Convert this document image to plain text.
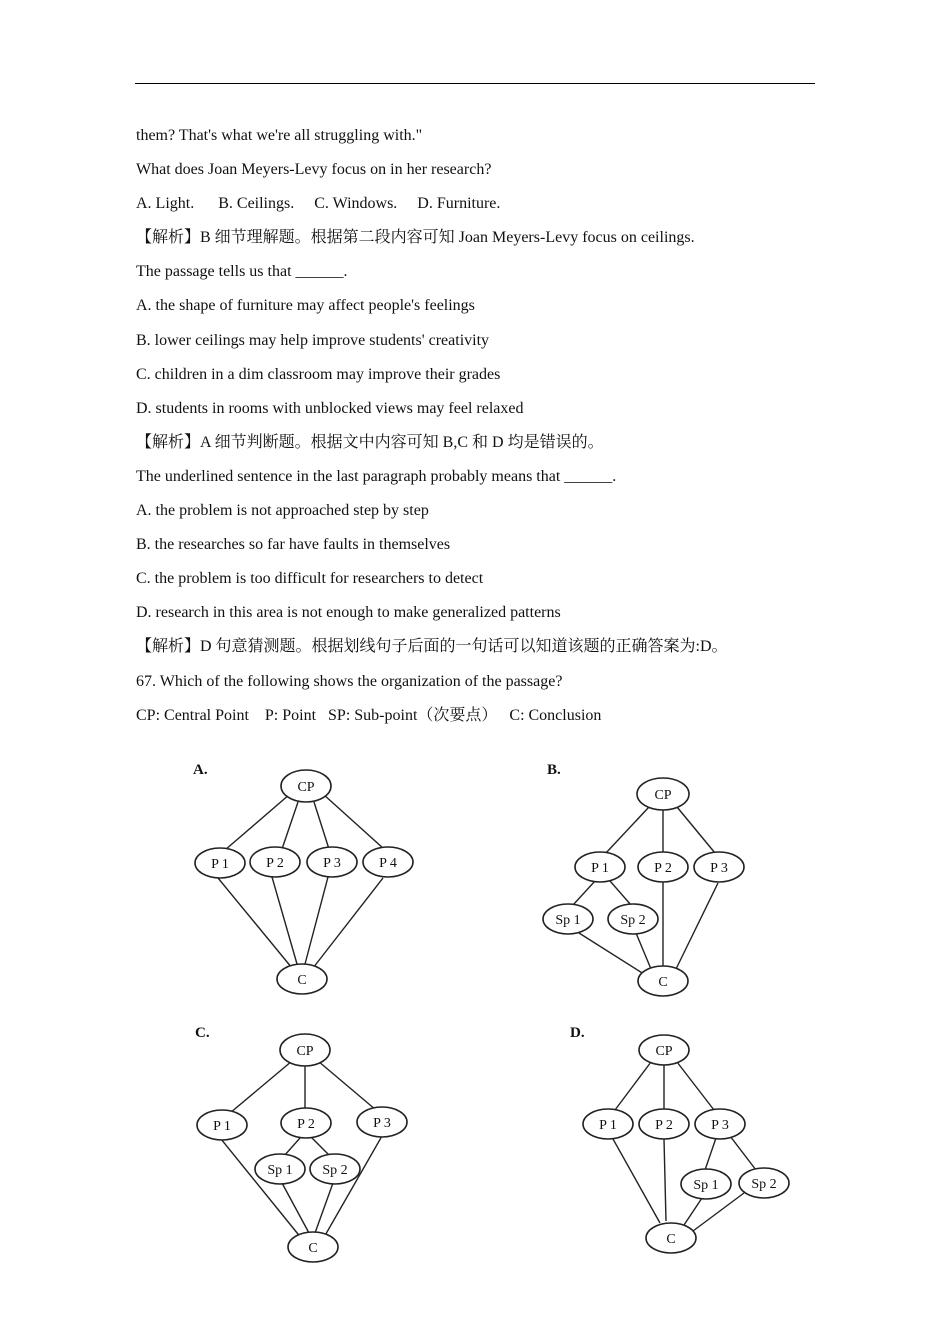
them? That's what we're all struggling with."
What does Joan Meyers-Levy focus on in her research?
A. Light.      B. Ceilings.     C. Windows.     D. Furniture.
【解析】B 细节理解题。根据第二段内容可知 Joan Meyers-Levy focus on ceilings.
The passage tells us that ______.
A. the shape of furniture may affect people's feelings
B. lower ceilings may help improve students' creativity
C. children in a dim classroom may improve their grades
D. students in rooms with unblocked views may feel relaxed
【解析】A 细节判断题。根据文中内容可知 B,C 和 D 均是错误的。
The underlined sentence in the last paragraph probably means that ______.
A. the problem is not approached step by step
B. the researches so far have faults in themselves
C. the problem is too difficult for researchers to detect
D. research in this area is not enough to make generalized patterns
【解析】D 句意猜测题。根据划线句子后面的一句话可以知道该题的正确答案为:D。
67. Which of the following shows the organization of the passage?
CP: Central Point    P: Point   SP: Sub-point（次要点）   C: Conclusion
A.
CP
P 1	P 2	P 3	P 4
C
B.
CP
P 1	P 2	P 3
Sp 1	Sp 2
C
C.
CP
P 1	P 2	P 3
Sp 1 Sp 2
C
D.
CP
P 1	P 2	P 3
Sp 1 Sp 2
C
